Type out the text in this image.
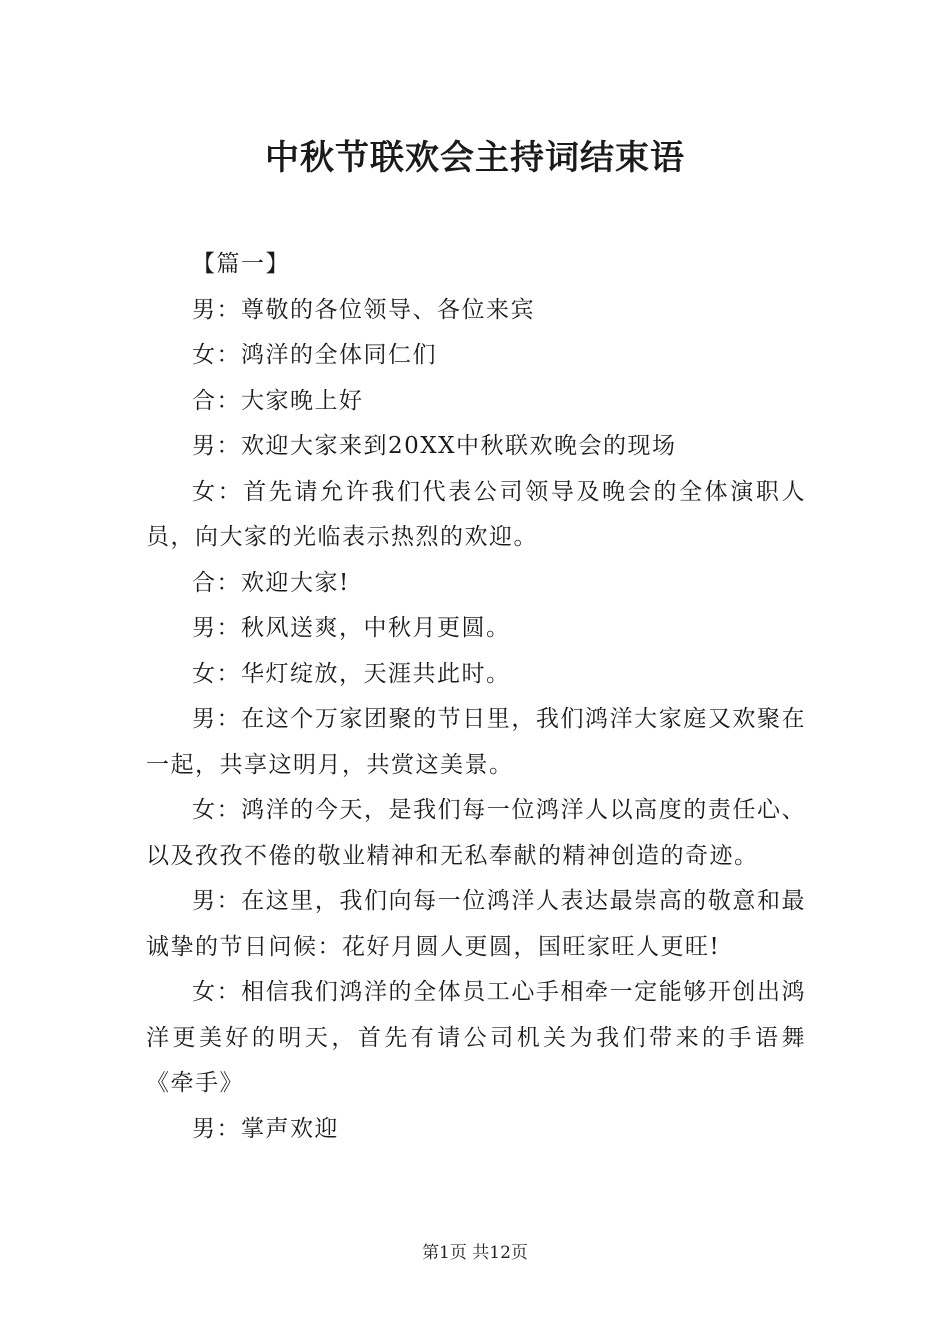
中秋节联欢会主持词结束语

【篇一】

男：尊敬的各位领导、各位来宾

女：鸿洋的全体同仁们

合：大家晚上好

男：欢迎大家来到20XX中秋联欢晚会的现场

女：首先请允许我们代表公司领导及晚会的全体演职人员，向大家的光临表示热烈的欢迎。

合：欢迎大家!

男：秋风送爽，中秋月更圆。

女：华灯绽放，天涯共此时。

男：在这个万家团聚的节日里，我们鸿洋大家庭又欢聚在一起，共享这明月，共赏这美景。

女：鸿洋的今天，是我们每一位鸿洋人以高度的责任心、以及孜孜不倦的敬业精神和无私奉献的精神创造的奇迹。

男：在这里，我们向每一位鸿洋人表达最崇高的敬意和最诚挚的节日问候：花好月圆人更圆，国旺家旺人更旺!

女：相信我们鸿洋的全体员工心手相牵一定能够开创出鸿洋更美好的明天，首先有请公司机关为我们带来的手语舞《牵手》

男：掌声欢迎

第1页 共12页
